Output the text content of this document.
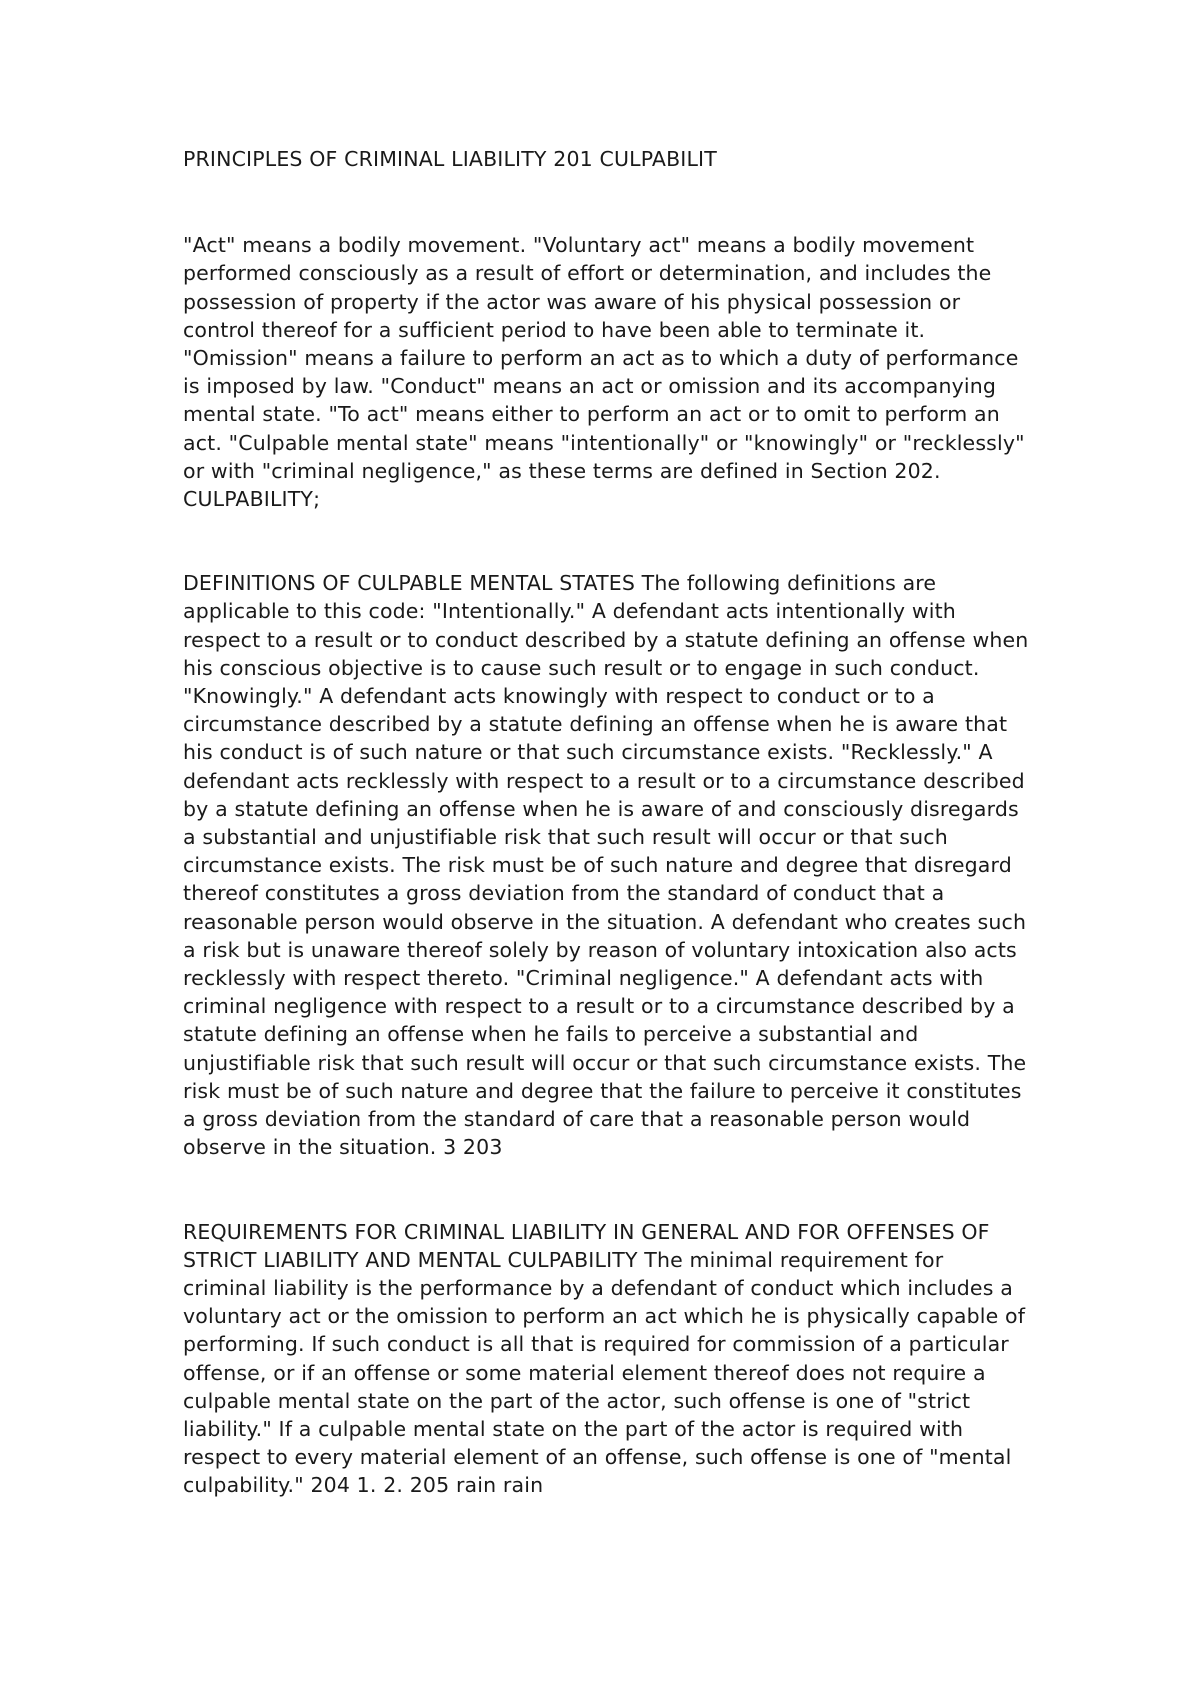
PRINCIPLES OF CRIMINAL LIABILITY 201 CULPABILIT

"Act" means a bodily movement. "Voluntary act" means a bodily movement performed consciously as a result of effort or determination, and includes the possession of property if the actor was aware of his physical possession or control thereof for a sufficient period to have been able to terminate it. "Omission" means a failure to perform an act as to which a duty of performance is imposed by law. "Conduct" means an act or omission and its accompanying mental state. "To act" means either to perform an act or to omit to perform an act. "Culpable mental state" means "intentionally" or "knowingly" or "recklessly" or with "criminal negligence," as these terms are defined in Section 202. CULPABILITY;

DEFINITIONS OF CULPABLE MENTAL STATES The following definitions are applicable to this code: "Intentionally." A defendant acts intentionally with respect to a result or to conduct described by a statute defining an offense when his conscious objective is to cause such result or to engage in such conduct. "Knowingly." A defendant acts knowingly with respect to conduct or to a circumstance described by a statute defining an offense when he is aware that his conduct is of such nature or that such circumstance exists. "Recklessly." A defendant acts recklessly with respect to a result or to a circumstance described by a statute defining an offense when he is aware of and consciously disregards a substantial and unjustifiable risk that such result will occur or that such circumstance exists. The risk must be of such nature and degree that disregard thereof constitutes a gross deviation from the standard of conduct that a reasonable person would observe in the situation. A defendant who creates such a risk but is unaware thereof solely by reason of voluntary intoxication also acts recklessly with respect thereto. "Criminal negligence." A defendant acts with criminal negligence with respect to a result or to a circumstance described by a statute defining an offense when he fails to perceive a substantial and unjustifiable risk that such result will occur or that such circumstance exists. The risk must be of such nature and degree that the failure to perceive it constitutes a gross deviation from the standard of care that a reasonable person would observe in the situation. 3 203

REQUIREMENTS FOR CRIMINAL LIABILITY IN GENERAL AND FOR OFFENSES OF STRICT LIABILITY AND MENTAL CULPABILITY The minimal requirement for criminal liability is the performance by a defendant of conduct which includes a voluntary act or the omission to perform an act which he is physically capable of performing. If such conduct is all that is required for commission of a particular offense, or if an offense or some material element thereof does not require a culpable mental state on the part of the actor, such offense is one of "strict liability." If a culpable mental state on the part of the actor is required with respect to every material element of an offense, such offense is one of "mental culpability." 204 1. 2. 205 rain rain
